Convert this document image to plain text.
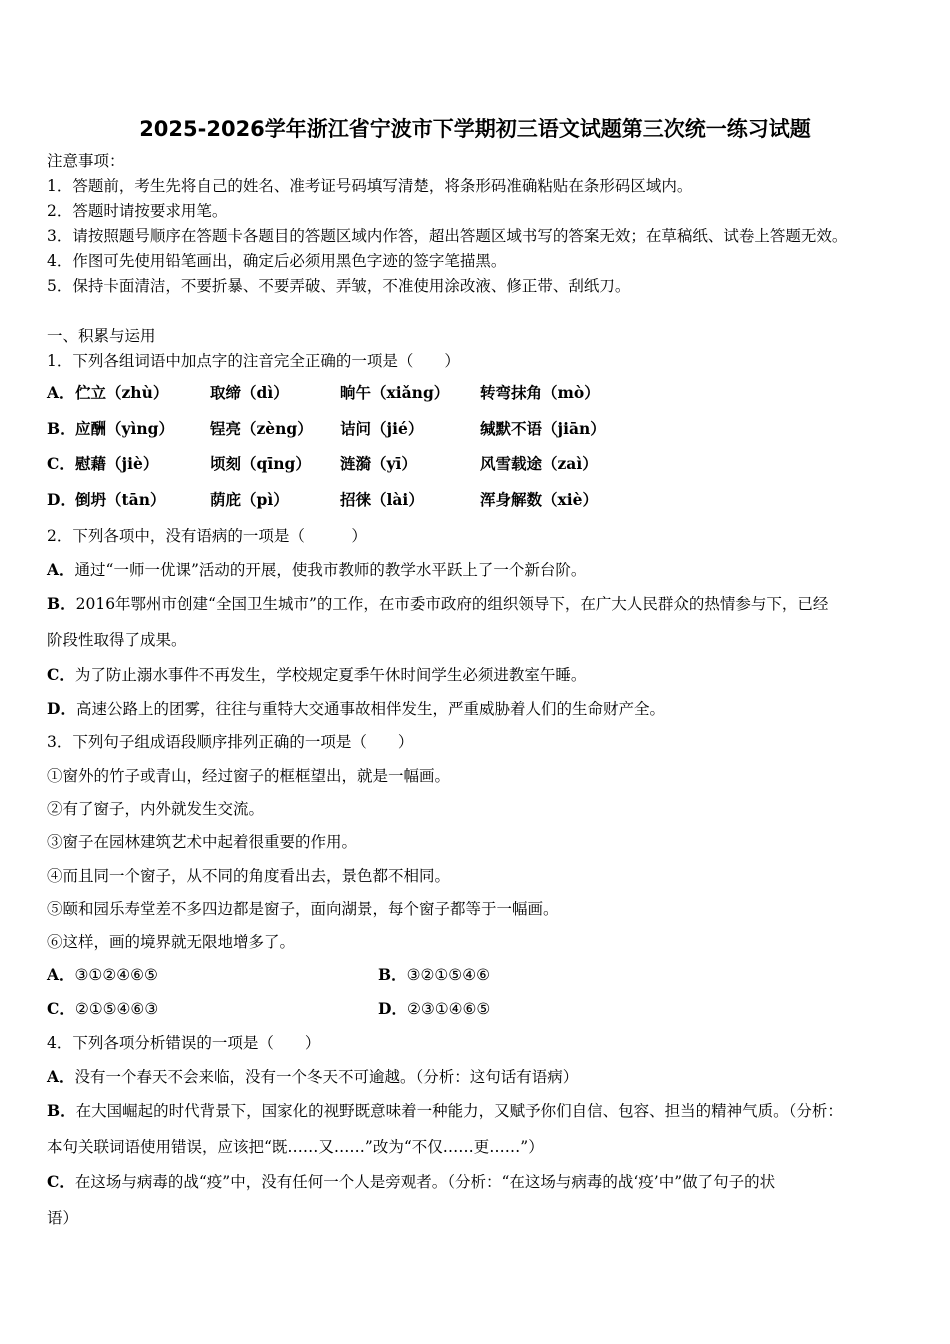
2025-2026学年浙江省宁波市下学期初三语文试题第三次统一练习试题
注意事项：
1．答题前，考生先将自己的姓名、准考证号码填写清楚，将条形码准确粘贴在条形码区域内。
2．答题时请按要求用笔。
3．请按照题号顺序在答题卡各题目的答题区域内作答，超出答题区域书写的答案无效；在草稿纸、试卷上答题无效。
4．作图可先使用铅笔画出，确定后必须用黑色字迹的签字笔描黑。
5．保持卡面清洁，不要折暴、不要弄破、弄皱，不准使用涂改液、修正带、刮纸刀。
一、积累与运用
1．下列各组词语中加点字的注音完全正确的一项是（　　）
A． 伫立（zhù）	取缔（dì）	晌午（xiǎng） 转弯抹角（mò）
B． 应酬（yìng） 锃亮（zèng） 诘问（jié）	缄默不语（jiān）
C． 慰藉（jiè）	顷刻（qīng） 涟漪（yī）	风雪载途（zaì）
D． 倒坍（tān）	荫庇（pì）	招徕（lài）	浑身解数（xiè）
2．下列各项中，没有语病的一项是（　　　）
A．通过“一师一优课”活动的开展，使我市教师的教学水平跃上了一个新台阶。
B．2016年鄂州市创建“全国卫生城市”的工作，在市委市政府的组织领导下，在广大人民群众的热情参与下，已经
阶段性取得了成果。
C．为了防止溺水事件不再发生，学校规定夏季午休时间学生必须进教室午睡。
D．高速公路上的团雾，往往与重特大交通事故相伴发生，严重威胁着人们的生命财产全。
3．下列句子组成语段顺序排列正确的一项是（　　）
①窗外的竹子或青山，经过窗子的框框望出，就是一幅画。
②有了窗子，内外就发生交流。
③窗子在园林建筑艺术中起着很重要的作用。
④而且同一个窗子，从不同的角度看出去，景色都不相同。
⑤颐和园乐寿堂差不多四边都是窗子，面向湖景，每个窗子都等于一幅画。
⑥这样，画的境界就无限地增多了。
A．③①②④⑥⑤	B．③②①⑤④⑥
C．②①⑤④⑥③	D．②③①④⑥⑤
4．下列各项分析错误的一项是（　　）
A．没有一个春天不会来临，没有一个冬天不可逾越。（分析：这句话有语病）
B．在大国崛起的时代背景下，国家化的视野既意味着一种能力，又赋予你们自信、包容、担当的精神气质。（分析：
本句关联词语使用错误，应该把“既……又……”改为“不仅……更……”）
C．在这场与病毒的战“疫”中，没有任何一个人是旁观者。（分析：“在这场与病毒的战‘疫’中”做了句子的状
语）
